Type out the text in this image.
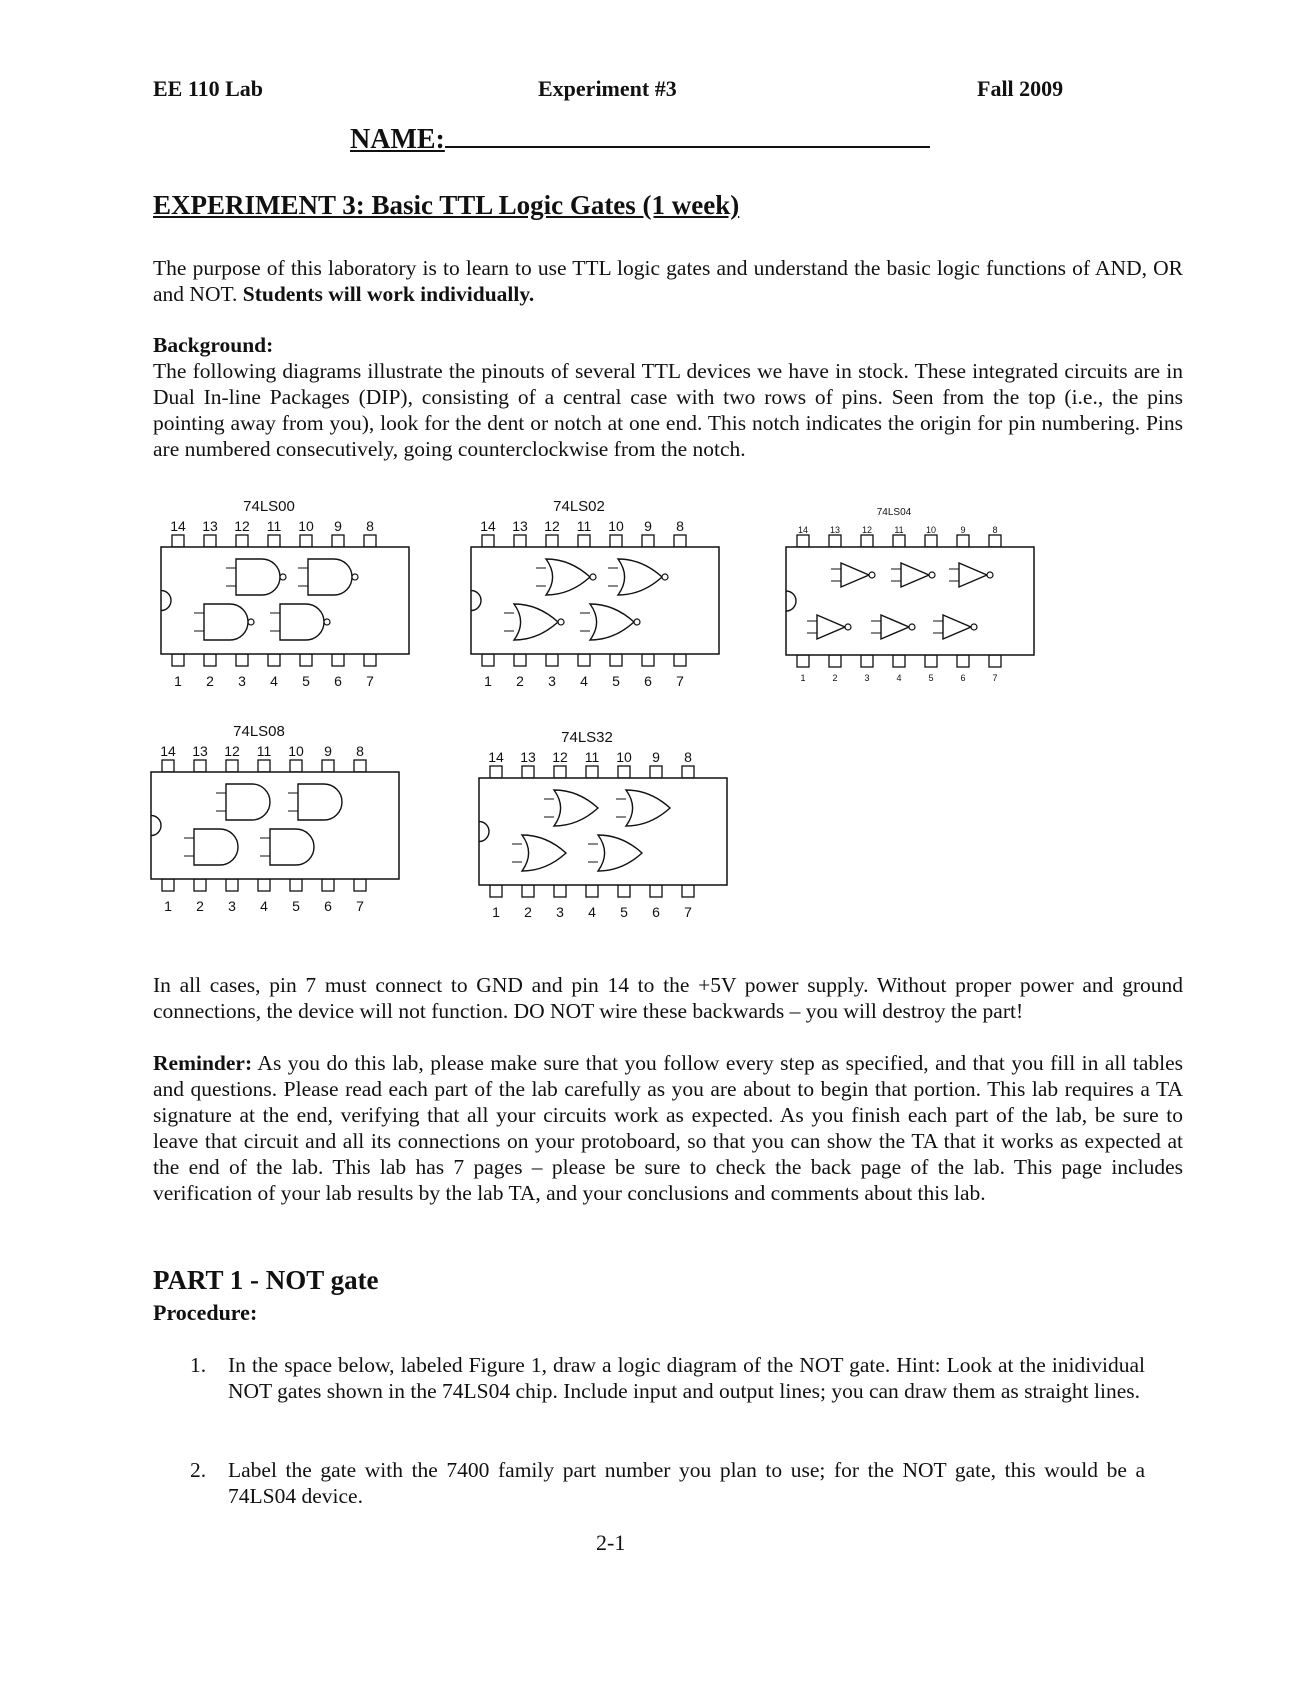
EE 110 Lab	Experiment #3	Fall 2009
NAME:
EXPERIMENT 3: Basic TTL Logic Gates (1 week)
The purpose of this laboratory is to learn to use TTL logic gates and understand the basic logic functions of AND, OR and NOT. Students will work individually.
Background:
The following diagrams illustrate the pinouts of several TTL devices we have in stock. These integrated circuits are in Dual In-line Packages (DIP), consisting of a central case with two rows of pins. Seen from the top (i.e., the pins pointing away from you), look for the dent or notch at one end. This notch indicates the origin for pin numbering. Pins are numbered consecutively, going counterclockwise from the notch.
74LS00
14 13 12 11 10 9 8
1 2 3 4 5 6 7
74LS02
14 13 12 11 10 9 8
1 2 3 4 5 6 7
74LS04
14 13 12 11 10	9	8
1	2	3	4	5	6	7
74LS08
14 13 12 11 10 9 8
1 2 3 4 5 6 7
74LS32
14 13 12 11 10 9 8
1 2 3 4 5 6 7
In all cases, pin 7 must connect to GND and pin 14 to the +5V power supply. Without proper power and ground connections, the device will not function. DO NOT wire these backwards – you will destroy the part!
Reminder: As you do this lab, please make sure that you follow every step as specified, and that you fill in all tables and questions. Please read each part of the lab carefully as you are about to begin that portion. This lab requires a TA signature at the end, verifying that all your circuits work as expected. As you finish each part of the lab, be sure to leave that circuit and all its connections on your protoboard, so that you can show the TA that it works as expected at the end of the lab. This lab has 7 pages – please be sure to check the back page of the lab. This page includes verification of your lab results by the lab TA, and your conclusions and comments about this lab.
PART 1 - NOT gate
Procedure:
1. In the space below, labeled Figure 1, draw a logic diagram of the NOT gate. Hint: Look at the inidividual NOT gates shown in the 74LS04 chip. Include input and output lines; you can draw them as straight lines.
2. Label the gate with the 7400 family part number you plan to use; for the NOT gate, this would be a 74LS04 device.
2-1
